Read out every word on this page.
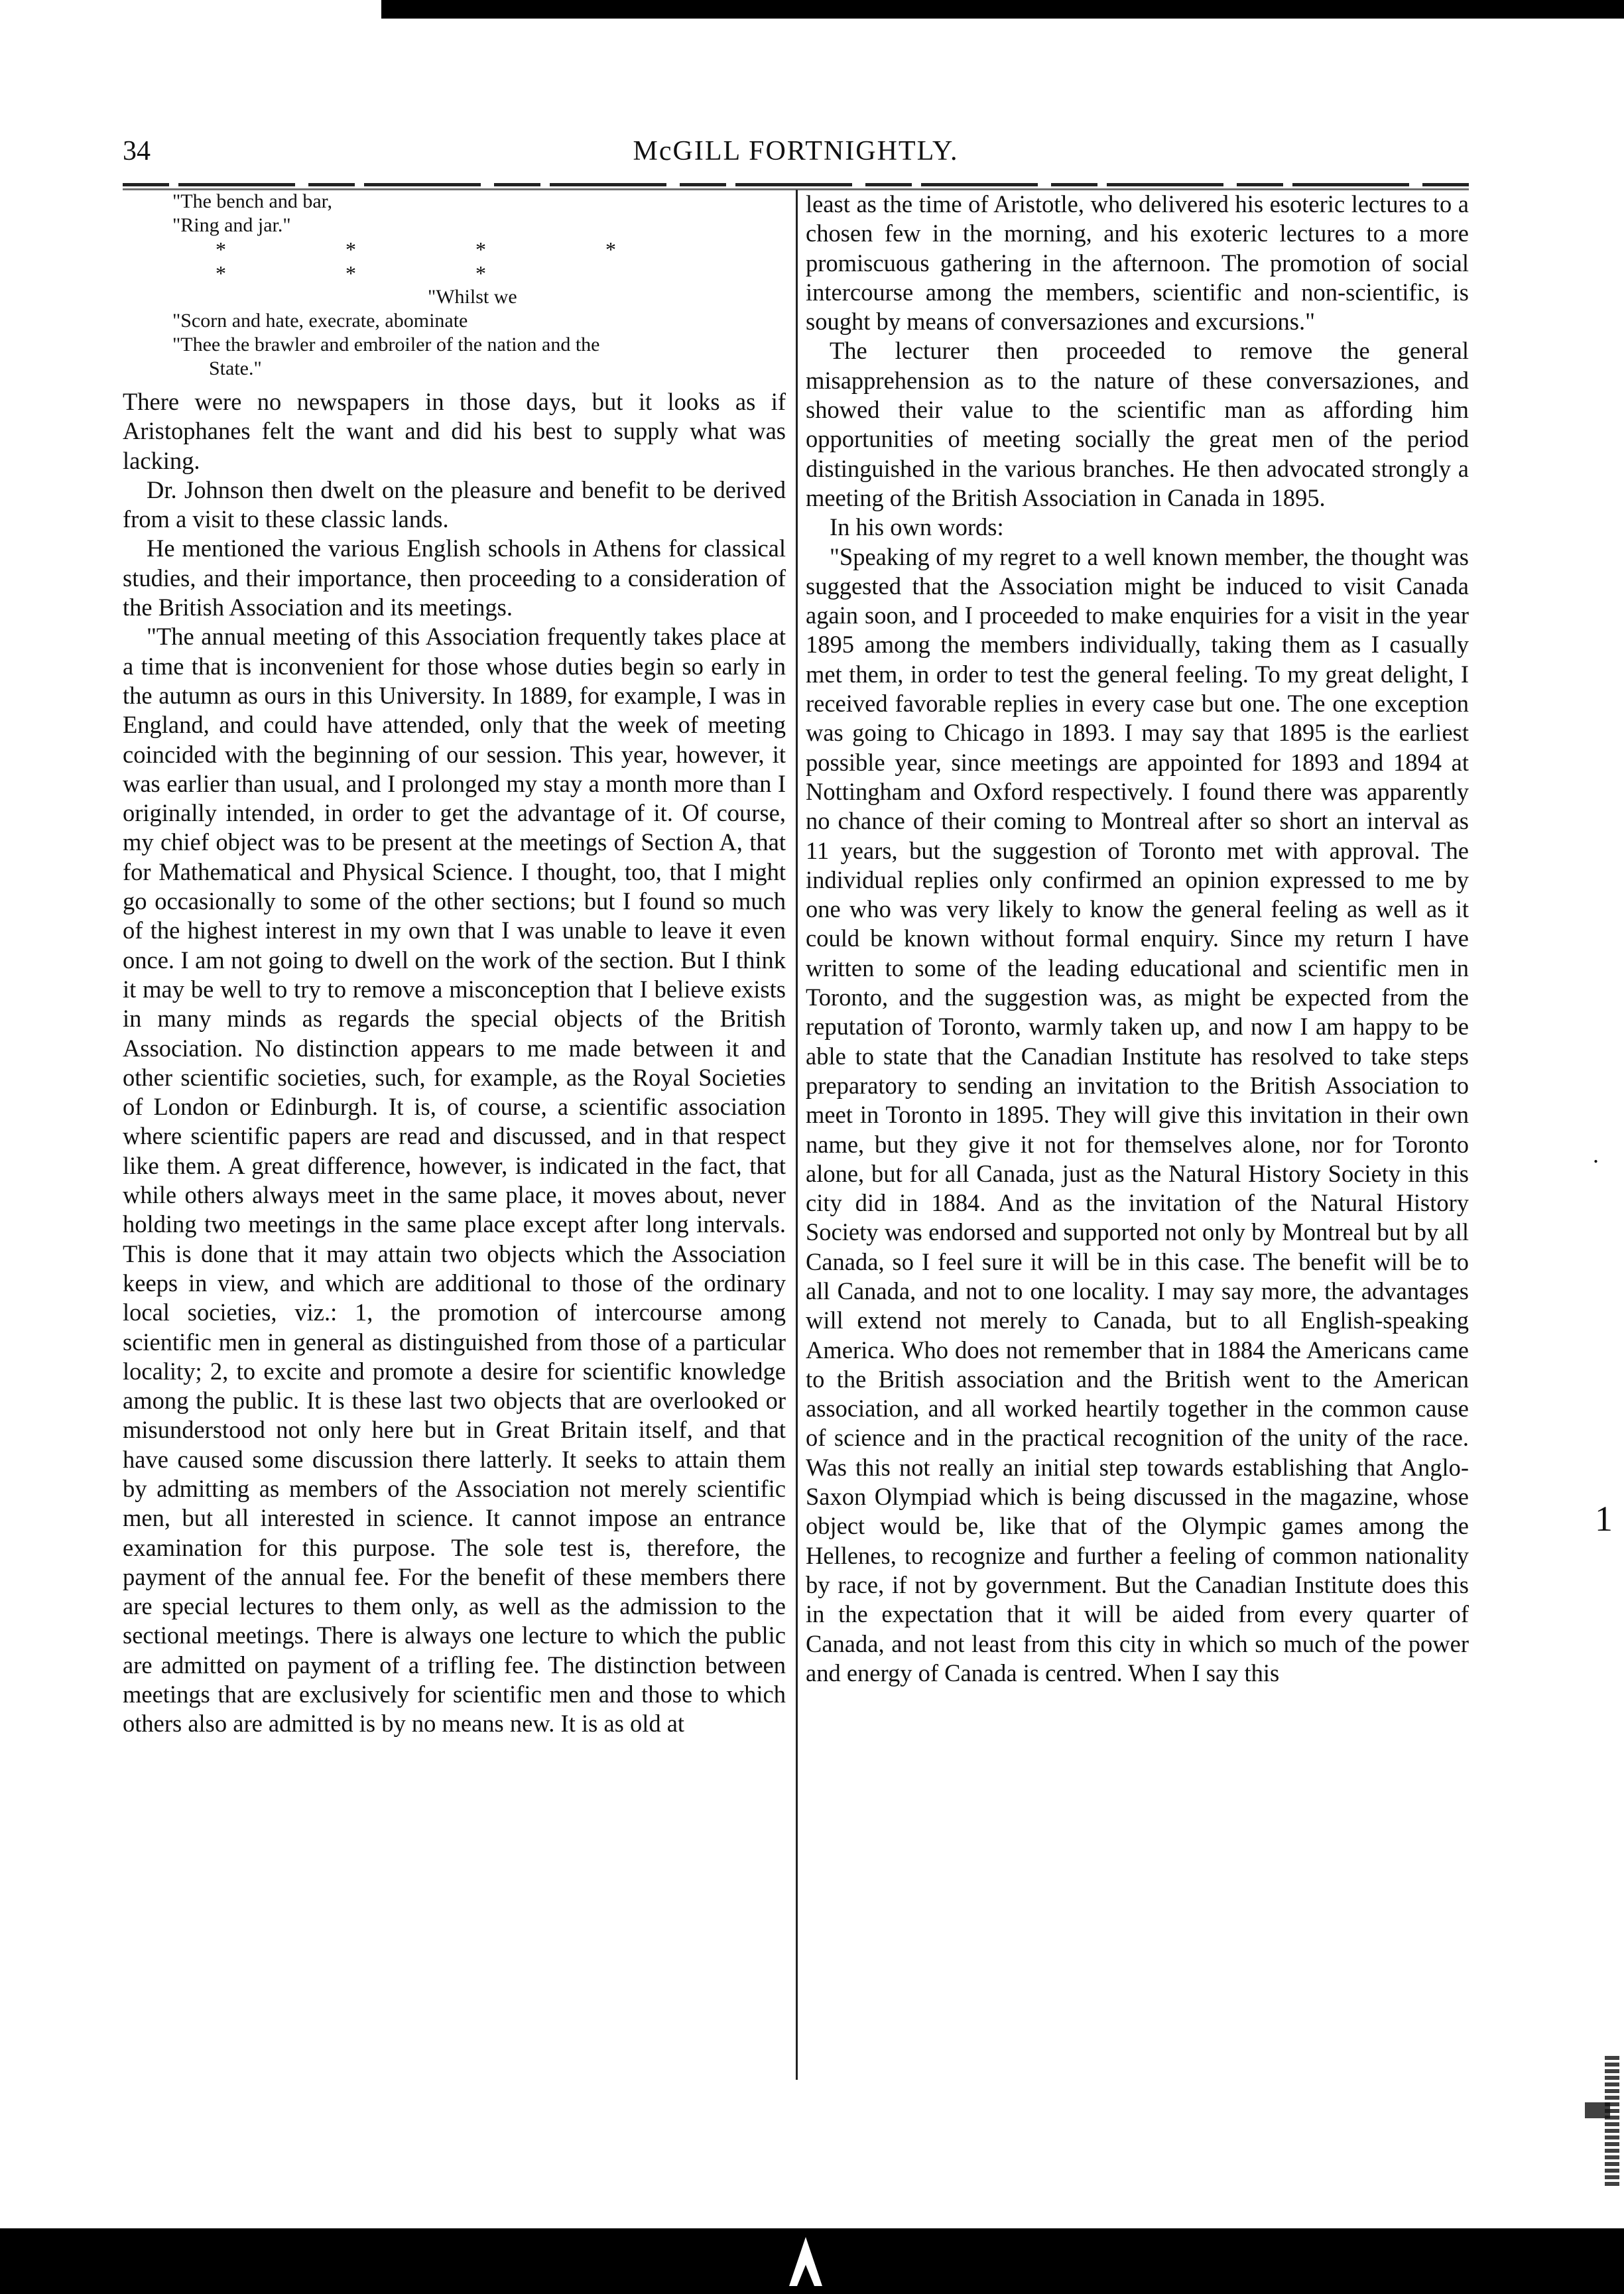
34	McGILL FORTNIGHTLY.

"The bench and bar,

"Ring and jar."

* * * * * * *

"Whilst we

"Scorn and hate, execrate, abominate

"Thee the brawler and embroiler of the nation and the

State."

There were no newspapers in those days, but it looks as if Aristophanes felt the want and did his best to supply what was lacking.

Dr. Johnson then dwelt on the pleasure and benefit to be derived from a visit to these classic lands.

He mentioned the various English schools in Athens for classical studies, and their importance, then proceeding to a consideration of the British Association and its meetings.

"The annual meeting of this Association frequently takes place at a time that is inconvenient for those whose duties begin so early in the autumn as ours in this University. In 1889, for example, I was in England, and could have attended, only that the week of meeting coincided with the beginning of our session. This year, however, it was earlier than usual, and I prolonged my stay a month more than I originally intended, in order to get the advantage of it. Of course, my chief object was to be present at the meetings of Section A, that for Mathematical and Physical Science. I thought, too, that I might go occasionally to some of the other sections; but I found so much of the highest interest in my own that I was unable to leave it even once. I am not going to dwell on the work of the section. But I think it may be well to try to remove a misconception that I believe exists in many minds as regards the special objects of the British Association. No distinction appears to me made between it and other scientific societies, such, for example, as the Royal Societies of London or Edinburgh. It is, of course, a scientific association where scientific papers are read and discussed, and in that respect like them. A great difference, however, is indicated in the fact, that while others always meet in the same place, it moves about, never holding two meetings in the same place except after long intervals. This is done that it may attain two objects which the Association keeps in view, and which are additional to those of the ordinary local societies, viz.: 1, the promotion of intercourse among scientific men in general as distinguished from those of a particular locality; 2, to excite and promote a desire for scientific knowledge among the public. It is these last two objects that are overlooked or misunderstood not only here but in Great Britain itself, and that have caused some discussion there latterly. It seeks to attain them by admitting as members of the Association not merely scientific men, but all interested in science. It cannot impose an entrance examination for this purpose. The sole test is, therefore, the payment of the annual fee. For the benefit of these members there are special lectures to them only, as well as the admission to the sectional meetings. There is always one lecture to which the public are admitted on payment of a trifling fee. The distinction between meetings that are exclusively for scientific men and those to which others also are admitted is by no means new. It is as old at

least as the time of Aristotle, who delivered his esoteric lectures to a chosen few in the morning, and his exoteric lectures to a more promiscuous gathering in the afternoon. The promotion of social intercourse among the members, scientific and non-scientific, is sought by means of conversaziones and excursions."

The lecturer then proceeded to remove the general misapprehension as to the nature of these conversaziones, and showed their value to the scientific man as affording him opportunities of meeting socially the great men of the period distinguished in the various branches. He then advocated strongly a meeting of the British Association in Canada in 1895.

In his own words:

"Speaking of my regret to a well known member, the thought was suggested that the Association might be induced to visit Canada again soon, and I proceeded to make enquiries for a visit in the year 1895 among the members individually, taking them as I casually met them, in order to test the general feeling. To my great delight, I received favorable replies in every case but one. The one exception was going to Chicago in 1893. I may say that 1895 is the earliest possible year, since meetings are appointed for 1893 and 1894 at Nottingham and Oxford respectively. I found there was apparently no chance of their coming to Montreal after so short an interval as 11 years, but the suggestion of Toronto met with approval. The individual replies only confirmed an opinion expressed to me by one who was very likely to know the general feeling as well as it could be known without formal enquiry. Since my return I have written to some of the leading educational and scientific men in Toronto, and the suggestion was, as might be expected from the reputation of Toronto, warmly taken up, and now I am happy to be able to state that the Canadian Institute has resolved to take steps preparatory to sending an invitation to the British Association to meet in Toronto in 1895. They will give this invitation in their own name, but they give it not for themselves alone, nor for Toronto alone, but for all Canada, just as the Natural History Society in this city did in 1884. And as the invitation of the Natural History Society was endorsed and supported not only by Montreal but by all Canada, so I feel sure it will be in this case. The benefit will be to all Canada, and not to one locality. I may say more, the advantages will extend not merely to Canada, but to all English-speaking America. Who does not remember that in 1884 the Americans came to the British association and the British went to the American association, and all worked heartily together in the common cause of science and in the practical recognition of the unity of the race. Was this not really an initial step towards establishing that Anglo-Saxon Olympiad which is being discussed in the magazine, whose object would be, like that of the Olympic games among the Hellenes, to recognize and further a feeling of common nationality by race, if not by government. But the Canadian Institute does this in the expectation that it will be aided from every quarter of Canada, and not least from this city in which so much of the power and energy of Canada is centred. When I say this

.
1
